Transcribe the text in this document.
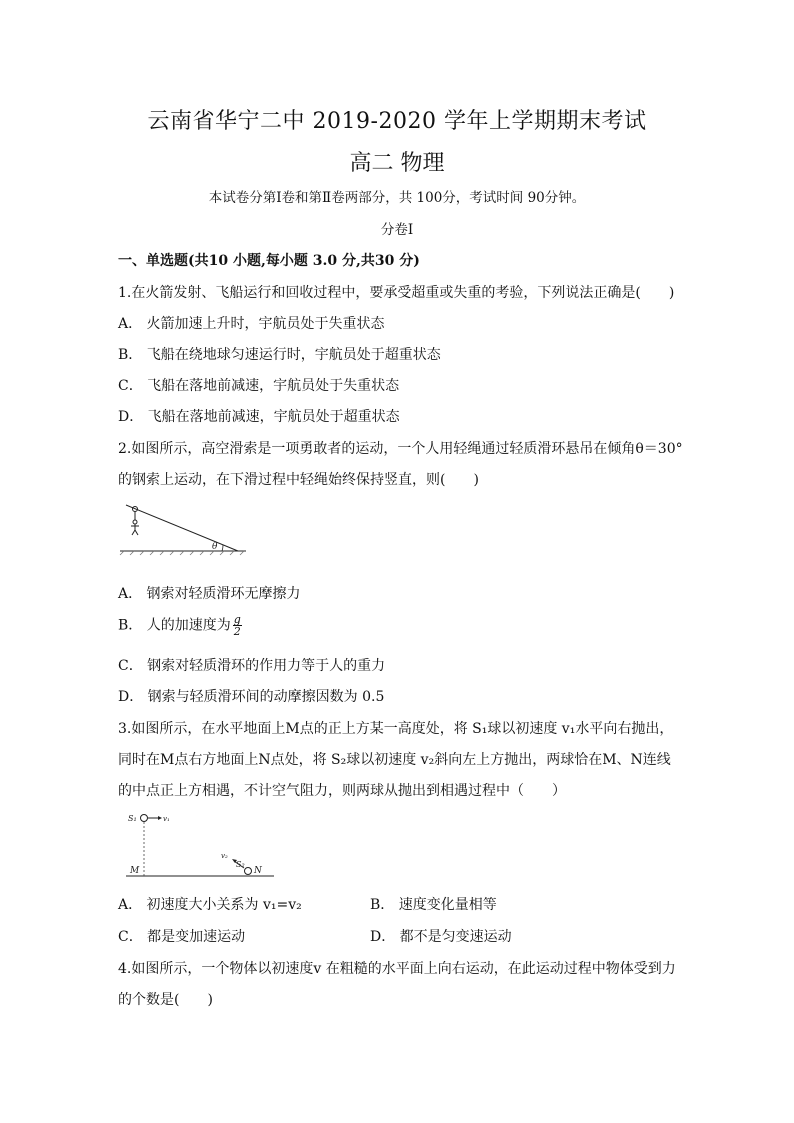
云南省华宁二中 2019-2020 学年上学期期末考试
高二 物理
本试卷分第Ⅰ卷和第Ⅱ卷两部分，共 100分，考试时间 90分钟。
分卷Ⅰ
一、单选题(共10 小题,每小题 3.0 分,共30 分)
1.在火箭发射、飞船运行和回收过程中，要承受超重或失重的考验，下列说法正确是(　　)
A． 火箭加速上升时，宇航员处于失重状态
B． 飞船在绕地球匀速运行时，宇航员处于超重状态
C． 飞船在落地前减速，宇航员处于失重状态
D． 飞船在落地前减速，宇航员处于超重状态
2.如图所示，高空滑索是一项勇敢者的运动，一个人用轻绳通过轻质滑环悬吊在倾角θ＝30°
的钢索上运动，在下滑过程中轻绳始终保持竖直，则(　　)
θ
A． 钢索对轻质滑环无摩擦力
B． 人的加速度为 $\frac{g}{2}$
C． 钢索对轻质滑环的作用力等于人的重力
D． 钢索与轻质滑环间的动摩擦因数为 0.5
3.如图所示，在水平地面上M点的正上方某一高度处，将 S₁球以初速度 v₁水平向右抛出，
同时在M点右方地面上N点处，将 S₂球以初速度 v₂斜向左上方抛出，两球恰在M、N连线
的中点正上方相遇，不计空气阻力，则两球从抛出到相遇过程中（　　）
S₁	v₁
M
v₂
S₂
N
A． 初速度大小关系为 v₁=v₂	B． 速度变化量相等
C． 都是变加速运动	D． 都不是匀变速运动
4.如图所示，一个物体以初速度v 在粗糙的水平面上向右运动，在此运动过程中物体受到力
的个数是(　　)
